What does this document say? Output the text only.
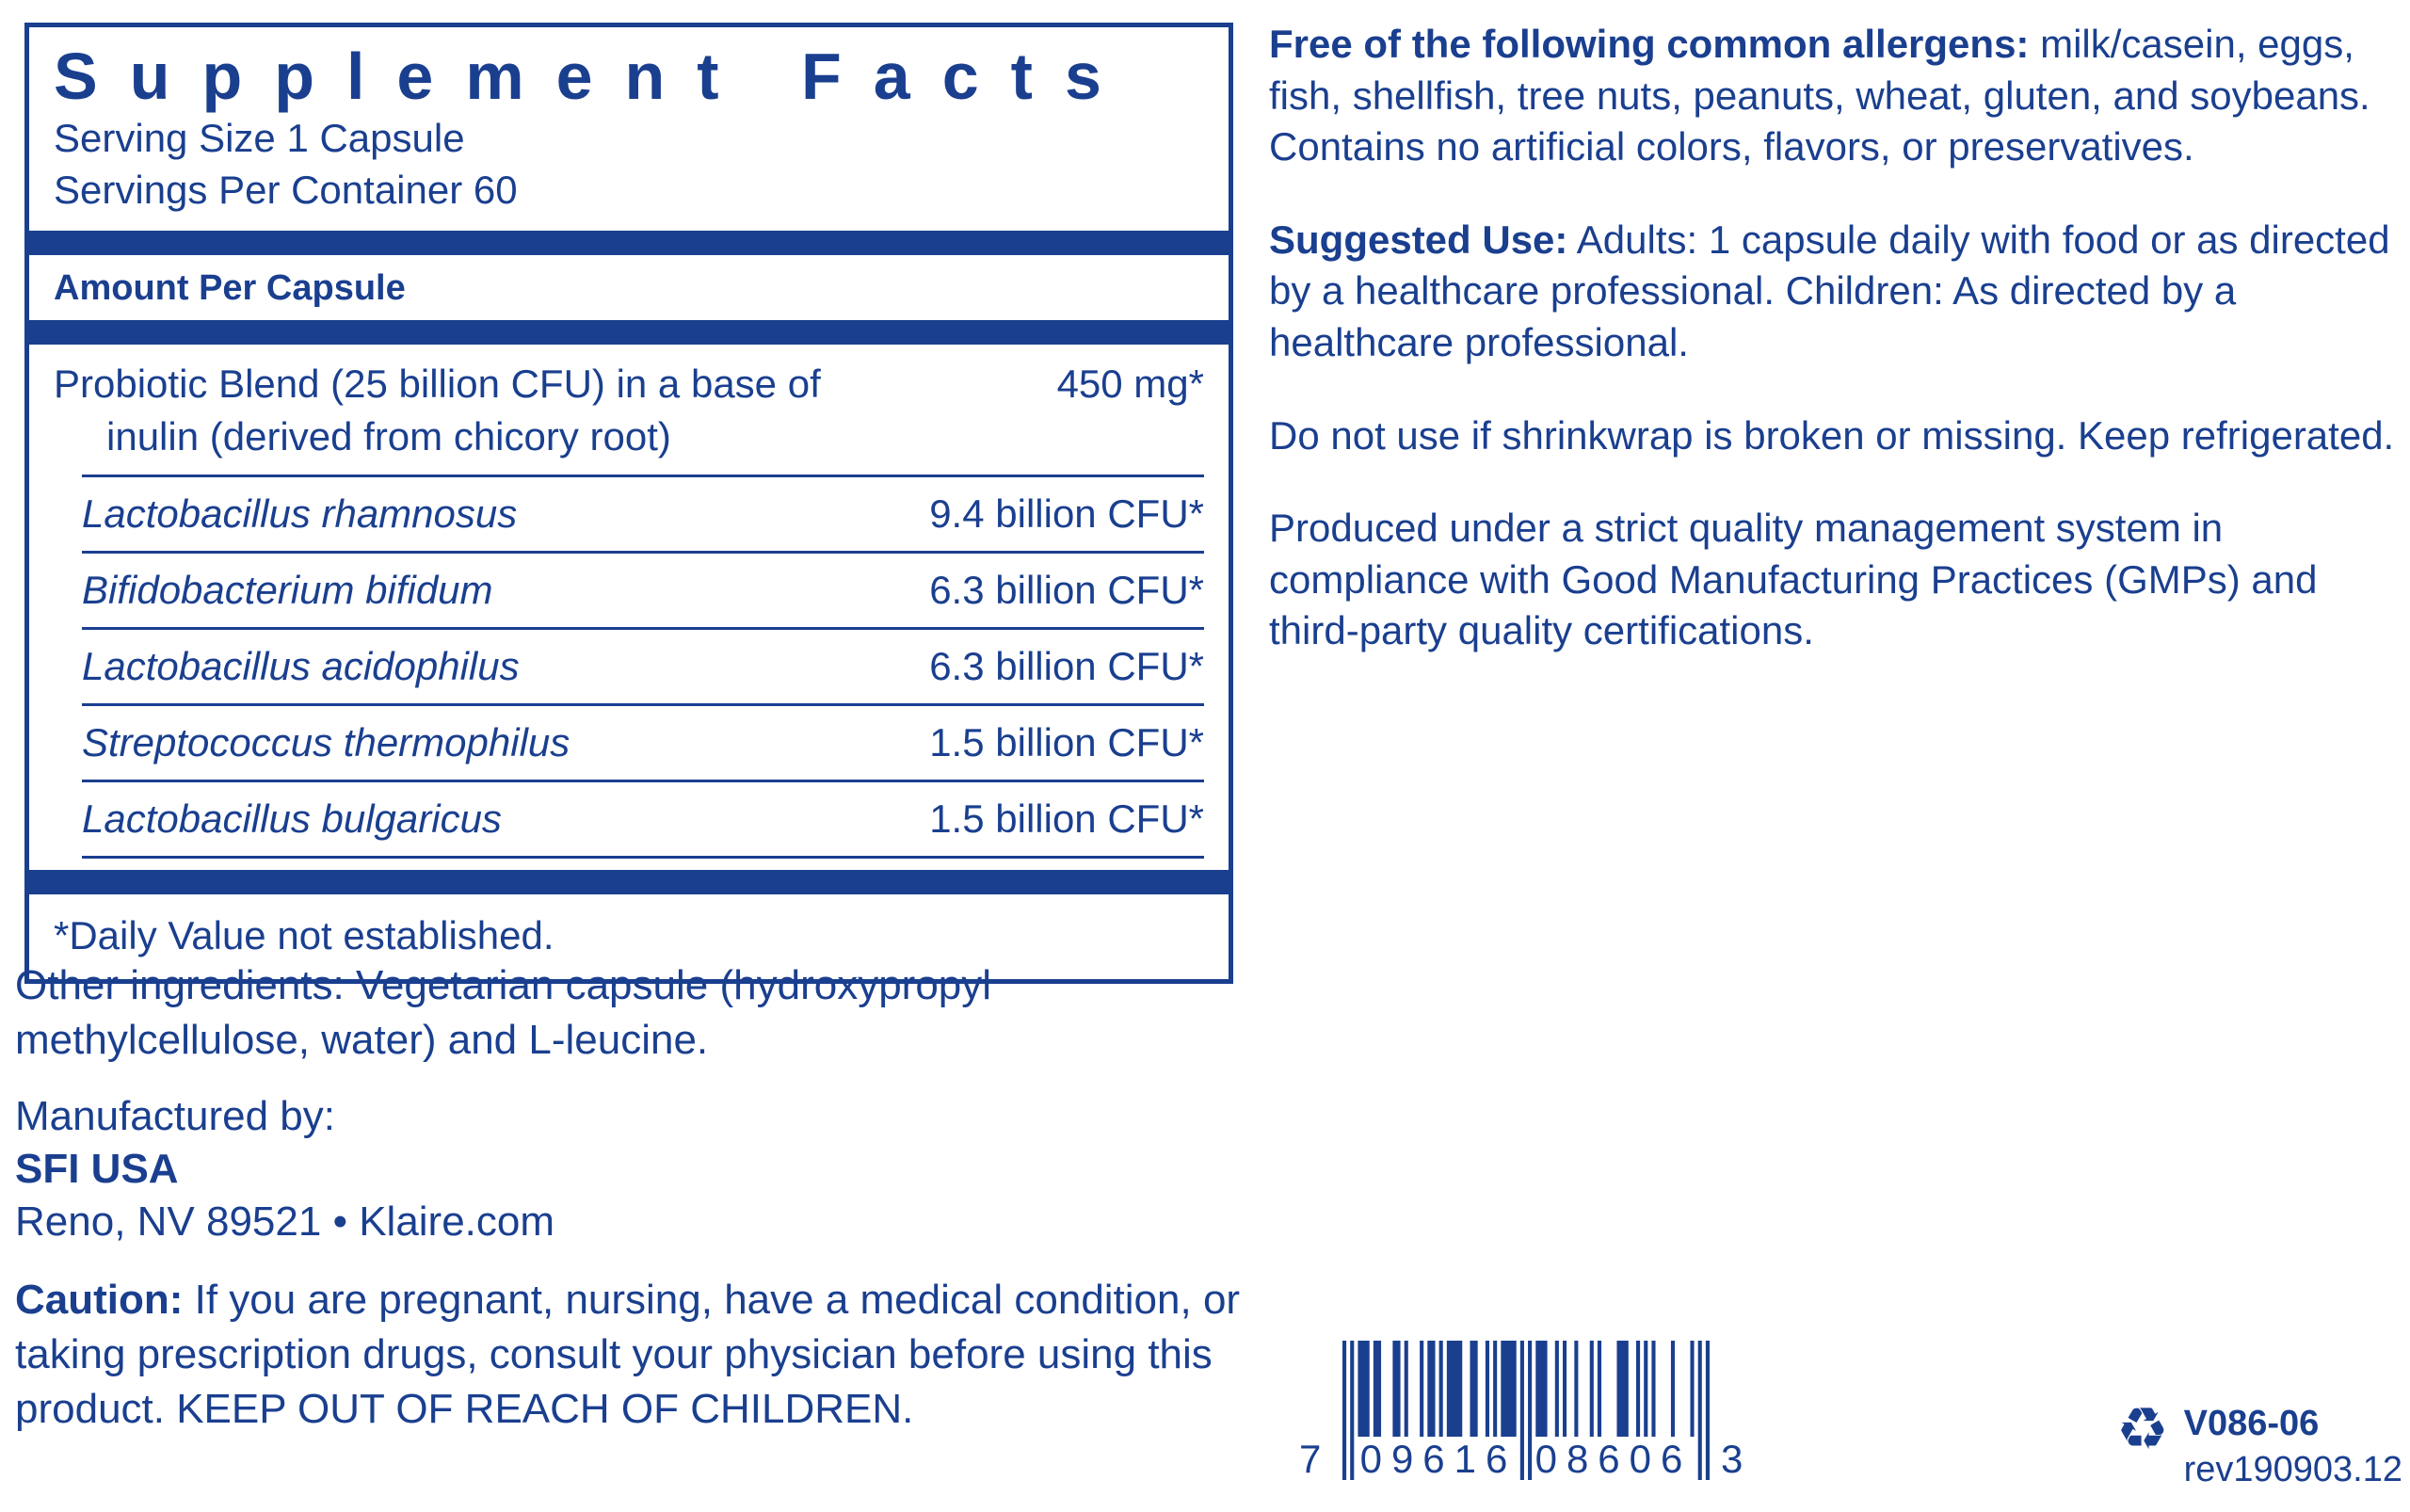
Supplement Facts
Serving Size 1 Capsule
Servings Per Container 60
Amount Per Capsule
Probiotic Blend (25 billion CFU) in a base of	450 mg*
inulin (derived from chicory root)
Lactobacillus rhamnosus	9.4 billion CFU*
Bifidobacterium bifidum	6.3 billion CFU*
Lactobacillus acidophilus	6.3 billion CFU*
Streptococcus thermophilus	1.5 billion CFU*
Lactobacillus bulgaricus	1.5 billion CFU*
*Daily Value not established.
Other ingredients: Vegetarian capsule (hydroxypropyl methylcellulose, water) and L-leucine.
Manufactured by:
SFI USA
Reno, NV 89521 • Klaire.com
Caution: If you are pregnant, nursing, have a medical condition, or taking prescription drugs, consult your physician before using this product. KEEP OUT OF REACH OF CHILDREN.

Free of the following common allergens: milk/casein, eggs, fish, shellfish, tree nuts, peanuts, wheat, gluten, and soybeans. Contains no artificial colors, flavors, or preservatives.

Suggested Use: Adults: 1 capsule daily with food or as directed by a healthcare professional. Children: As directed by a healthcare professional.

Do not use if shrinkwrap is broken or missing. Keep refrigerated.

Produced under a strict quality management system in compliance with Good Manufacturing Practices (GMPs) and third-party quality certifications.

7 09616 08606 3	♻ V086-06
rev190903.12
